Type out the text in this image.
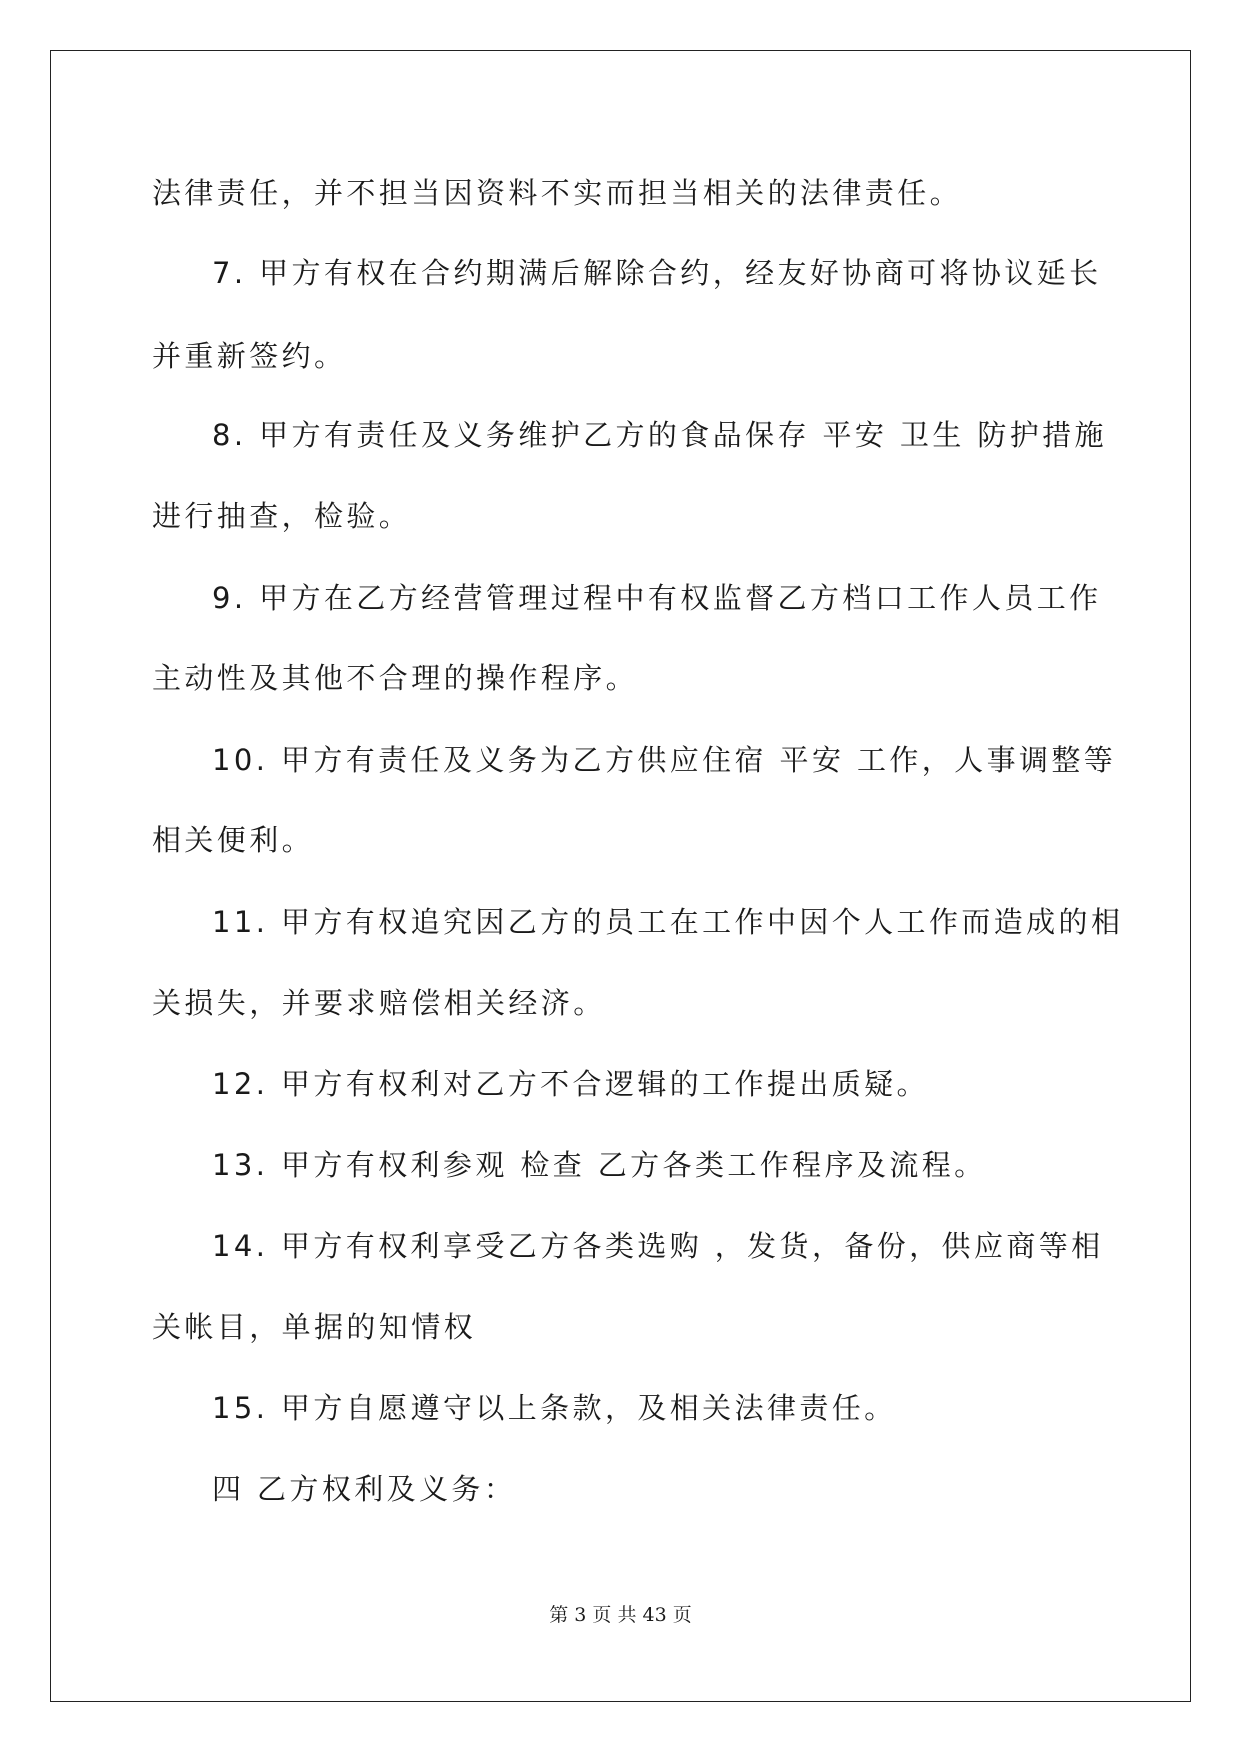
法律责任，并不担当因资料不实而担当相关的法律责任。
7. 甲方有权在合约期满后解除合约，经友好协商可将协议延长
并重新签约。
8. 甲方有责任及义务维护乙方的食品保存 平安 卫生 防护措施
进行抽查，检验。
9. 甲方在乙方经营管理过程中有权监督乙方档口工作人员工作
主动性及其他不合理的操作程序。
10. 甲方有责任及义务为乙方供应住宿 平安 工作，人事调整等
相关便利。
11. 甲方有权追究因乙方的员工在工作中因个人工作而造成的相
关损失，并要求赔偿相关经济。
12. 甲方有权利对乙方不合逻辑的工作提出质疑。
13. 甲方有权利参观 检查 乙方各类工作程序及流程。
14. 甲方有权利享受乙方各类选购 ，发货，备份，供应商等相
关帐目，单据的知情权
15. 甲方自愿遵守以上条款，及相关法律责任。
四 乙方权利及义务：
第 3 页 共 43 页
